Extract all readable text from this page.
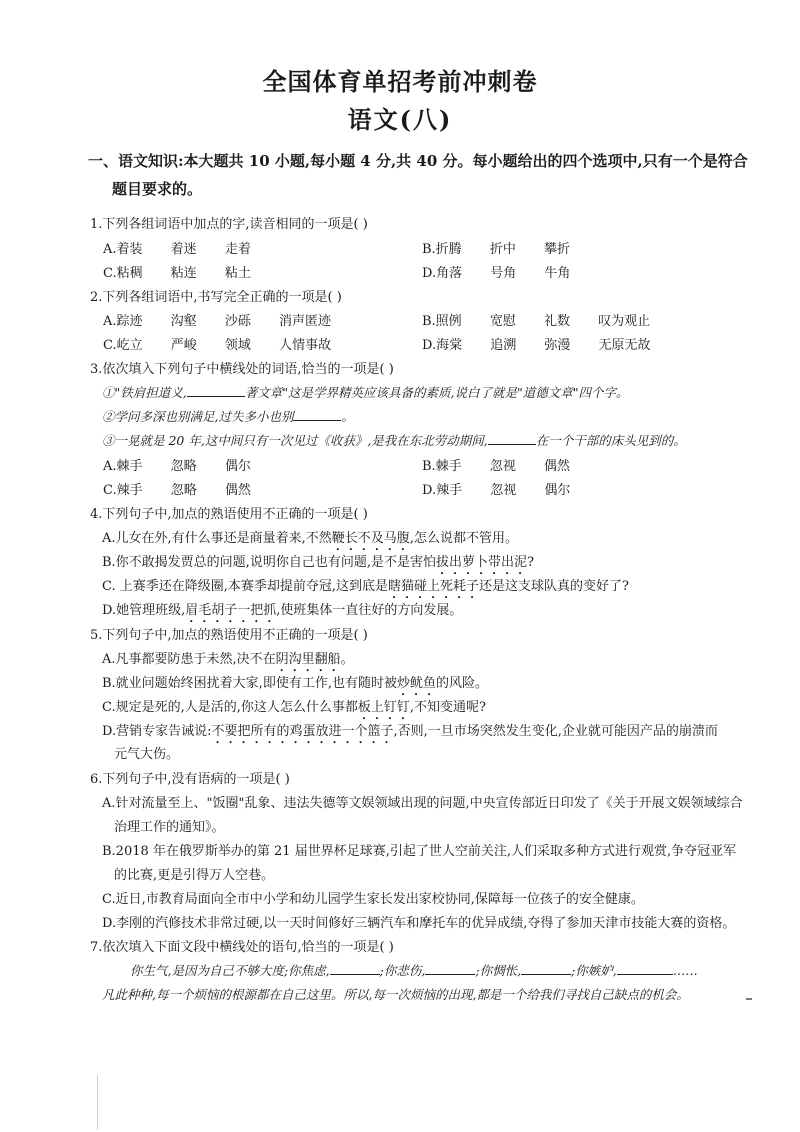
全国体育单招考前冲刺卷
语文(八)
一、语文知识:本大题共 10 小题,每小题 4 分,共 40 分。每小题给出的四个选项中,只有一个是符合
题目要求的。
1.下列各组词语中加点的字,读音相同的一项是( )
A.着装 着迷 走着	B.折腾 折中 攀折
C.粘稠 粘连 粘土	D.角落 号角 牛角
2.下列各组词语中,书写完全正确的一项是( )
A.踪迹 沟壑 沙砾 消声匿迹	B.照例 宽慰 礼数 叹为观止
C.屹立 严峻 领域 人情事故	D.海棠 追溯 弥漫 无原无故
3.依次填入下列句子中横线处的词语,恰当的一项是( )
①"铁肩担道义,	著文章"这是学界精英应该具备的素质,说白了就是"道德文章"四个字。
②学问多深也别满足,过失多小也别	。
③一晃就是 20 年,这中间只有一次见过《收获》,是我在东北劳动期间,	在一个干部的床头见到的。
A.棘手 忽略 偶尔	B.棘手 忽视 偶然
C.辣手 忽略 偶然	D.辣手 忽视 偶尔
4.下列句子中,加点的熟语使用不正确的一项是( )
A.儿女在外,有什么事还是商量着来,不然鞭长不及马腹,怎么说都不管用。
B.你不敢揭发贾总的问题,说明你自己也有问题,是不是害怕拔出萝卜带出泥?
C. 上赛季还在降级圈,本赛季却提前夺冠,这到底是瞎猫碰上死耗子还是这支球队真的变好了?
D.她管理班级,眉毛胡子一把抓,使班集体一直往好的方向发展。
5.下列句子中,加点的熟语使用不正确的一项是( )
A.凡事都要防患于未然,决不在阴沟里翻船。
B.就业问题始终困扰着大家,即使有工作,也有随时被炒鱿鱼的风险。
C.规定是死的,人是活的,你这人怎么什么事都板上钉钉,不知变通呢?
D.营销专家告诫说:不要把所有的鸡蛋放进一个篮子,否则,一旦市场突然发生变化,企业就可能因产品的崩溃而
元气大伤。
6.下列句子中,没有语病的一项是( )
A.针对流量至上、"饭圈"乱象、违法失德等文娱领域出现的问题,中央宣传部近日印发了《关于开展文娱领域综合
治理工作的通知》。
B.2018 年在俄罗斯举办的第 21 届世界杯足球赛,引起了世人空前关注,人们采取多种方式进行观赏,争夺冠亚军
的比赛,更是引得万人空巷。
C.近日,市教育局面向全市中小学和幼儿园学生家长发出家校协同,保障每一位孩子的安全健康。
D.李刚的汽修技术非常过硬,以一天时间修好三辆汽车和摩托车的优异成绩,夺得了参加天津市技能大赛的资格。
7.依次填入下面文段中横线处的语句,恰当的一项是( )
你生气,是因为自己不够大度;你焦虑,	;你悲伤,	;你惆怅,	;你嫉妒,	……
凡此种种,每一个烦恼的根源都在自己这里。所以,每一次烦恼的出现,都是一个给我们寻找自己缺点的机会。
